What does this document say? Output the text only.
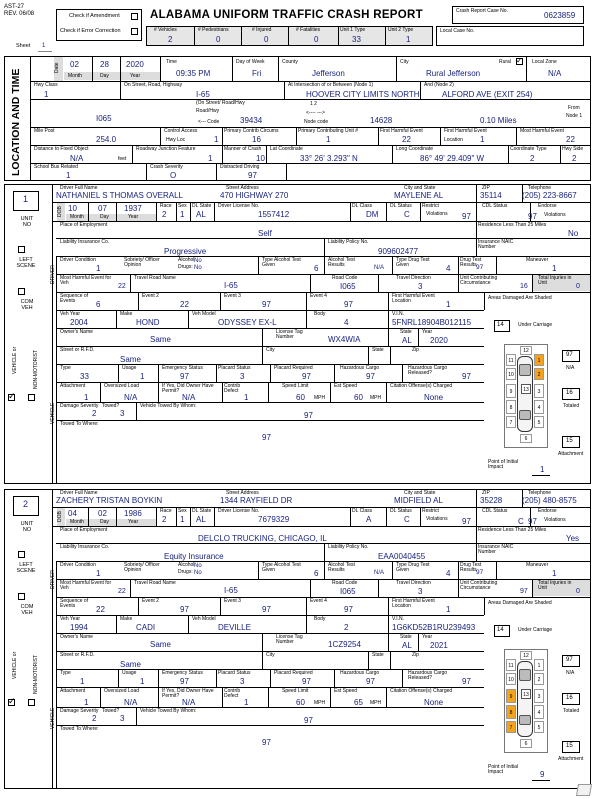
AST-27
REV. 06/08
Sheet 1
Check if Amendment
Check if Error Correction
ALABAMA UNIFORM TRAFFIC CRASH REPORT	Crash Report Case No.	0623859
Local Case No.
# Vehicles
2
# Pedestrians
0
# Injured
0
# Fatalities
0
Unit 1 Type
33
Unit 2 Type
1
LOCATION AND TIME
Date 02	28 2020
Month	Day	Year
Time
09:35 PM
Day of Week
Fri
County
Jefferson
City
Rural Jefferson
Rural ✓ Local Zone
N/A
Hwy Class
1
On Street, Road, Highway
I-65
At Intersection of or Between (Node 1)
HOOVER CITY LIMITS NORTH
And (Node 2)
ALFORD AVE (EXIT 254)
(On Street/ Road/Hwy
Road/Hwy
<--- Code
I065	39434
1 2
<---- --->
Node code	14628	0.10 Miles
From
Node 1
Mile Post
254.0
Control Access
Hwy Loc	1
Primary Contrib Circums
16
Primary Contributing Unit #
1
First Harmful Event
22
First Harmful Event
Location 1
Most Harmful Event
22
Distance to Fixed Object
N/A	feet
Roadway Junction Feature
1
Manner of Crash
10
Lat Coordinate
33° 26' 3.293" N
Long Coordinate
86° 49' 29.409" W
Coordinate Type
2
Hwy Side
2
School Bus Related
1
Crash Severity
O
Distracted Driving
97
1
UNIT NO
LEFT SCENE
COM VEH
VEHICLE or	NON-MOTORIST
✓
DRIVER
VEHICLE
Driver Full Name
NATHANIEL S THOMAS OVERALL
Street Address
470 HIGHWAY 270
City and State
MAYLENE AL
ZIP
35114
Telephone
(205) 223-8667
DOB 10	07 1937
Month	Day	Year
Race
2
Sex
1
DL State
AL
Driver License No.
1557412
DL Class
DM
DL Status
C
Restrict
Violations 97
CDL Status	Endorse
97 Violations
Place of Employment
Self
Residence Less Than 25 Miles
No
Liability Insurance Co.
Progressive
Liability Policy No.
909602477
Insurance NAIC Number
Driver Condition
1
Sobriety/ Officer Opinion
Alcohol:
No
Drugs: No
Type Alcohol Test Given	6
Alcohol Test Results	N/A
Type Drug Test Given	4
Drug Test Results 97
Maneuver
1
Most Harmful Event for Veh	22
Travel Road Name
I-65
Road Code
I065
Travel Direction
3
Unit Contributing Circumstance	16
Total Injuries in Unit	0
Sequence of Events	6
Event 2
22
Event 3
97
Event 4
97
First Harmful Event Location	1
Areas Damaged Are Shaded
Veh Year
2004
Make
HOND
Veh Model
ODYSSEY EX-L
Body
4
V.I.N.
5FNRL18904B012115
Owner's Name
Same
License Tag Number	WX4WIA
State
AL
Year
2020
Street or R.F.D.
Same
City	State	Zip
Type
33
Usage
1
Emergency Status
97
Placard Status
3
Placard Required
97
Hazardous Cargo
97
Hazardous Cargo Released?	97
Attachment
1
Oversized Load
N/A
If Yes, Did Owner Have Permit?
N/A
Contrib Defect
1
Speed Limit
60 MPH
Est Speed
60 MPH
Citation Offense(s) Charged
None
Damage Severity Towed?
2	3
Vehicle Towed By Whom:
97
Towed To Where:
97
14	Under Carriage
12
1
2
3
4
5
6
7
8
9
10
11
13
97
N/A
16
Totaled
15
Attachment
Point of Initial Impact	1
2
UNIT NO
LEFT SCENE
COM VEH
VEHICLE or	NON-MOTORIST
✓
DRIVER
VEHICLE
Driver Full Name
ZACHERY TRISTAN BOYKIN
Street Address
1344 RAYFIELD DR
City and State
MIDFIELD AL
ZIP
35228
Telephone
(205) 480-8575
DOB 04	02 1986
Month	Day	Year
Race
2
Sex
1
DL State
AL
Driver License No.
7679329
DL Class
A
DL Status
C
Restrict
Violations 97
CDL Status
C
Endorse
97 Violations
Place of Employment
DELCLO TRUCKING, CHICAGO, IL
Residence Less Than 25 Miles
Yes
Liability Insurance Co.
Equity Insurance
Liability Policy No.
EAA0040455
Insurance NAIC Number
Driver Condition
1
Sobriety/ Officer Opinion
Alcohol:
No
Drugs: No
Type Alcohol Test Given	6
Alcohol Test Results	N/A
Type Drug Test Given	4
Drug Test Results 97
Maneuver
1
Most Harmful Event for Veh	22
Travel Road Name
I-65
Road Code
I065
Travel Direction
3
Unit Contributing Circumstance	97
Total Injuries in Unit	0
Sequence of Events	22
Event 2
97
Event 3
97
Event 4
97
First Harmful Event Location	1
Areas Damaged Are Shaded
Veh Year
1994
Make
CADI
Veh Model
DEVILLE
Body
2
V.I.N.
1G6KD52B1RU239493
Owner's Name
Same
License Tag Number	1CZ9254
State
AL
Year
2021
Street or R.F.D.
Same
City	State	Zip
Type
1
Usage
1
Emergency Status
97
Placard Status
3
Placard Required
97
Hazardous Cargo
97
Hazardous Cargo Released?	97
Attachment
1
Oversized Load
N/A
If Yes, Did Owner Have Permit?
N/A
Contrib Defect
1
Speed Limit
60 MPH
Est Speed
65 MPH
Citation Offense(s) Charged
None
Damage Severity Towed?
2	3
Vehicle Towed By Whom:
97
Towed To Where:
97
14	Under Carriage
12
1
2
3
4
5
6
7
8
9
10
11
13
97
N/A
16
Totaled
15
Attachment
Point of Initial Impact	9
